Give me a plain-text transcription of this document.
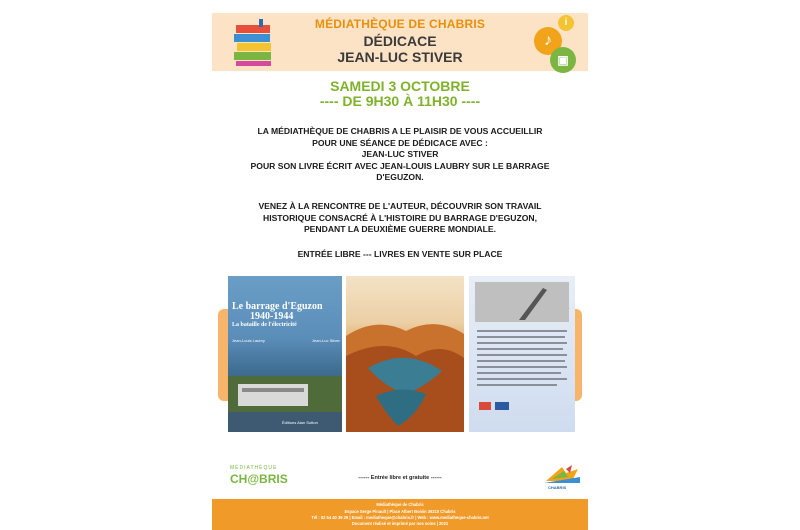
MÉDIATHÈQUE DE CHABRIS
DÉDICACE
JEAN-LUC STIVER
i
♪
▣
SAMEDI 3 OCTOBRE
---- DE 9H30 À 11H30 ----
LA MÉDIATHÈQUE DE CHABRIS A LE PLAISIR DE VOUS ACCUEILLIR
POUR UNE SÉANCE DE DÉDICACE AVEC :
JEAN-LUC STIVER
POUR SON LIVRE ÉCRIT AVEC JEAN-LOUIS LAUBRY SUR LE BARRAGE
D'EGUZON.
VENEZ À LA RENCONTRE DE L'AUTEUR, DÉCOUVRIR SON TRAVAIL
HISTORIQUE CONSACRÉ À L'HISTOIRE DU BARRAGE D'EGUZON,
PENDANT LA DEUXIÈME GUERRE MONDIALE.
ENTRÉE LIBRE --- LIVRES EN VENTE SUR PLACE
Le barrage d'Eguzon
1940-1944
La bataille de l'électricité
Jean-Louis Laubry	Jean-Luc Stiver
Éditions Alan Sutton
MÉDIATHÈQUE
CH@BRIS	------ Entrée libre et gratuite ------
CHABRIS
Médiathèque de Chabris
Espace Serge Pinault | Place Albert Boivin 36210 Chabris
Tél : 02 54 40 39 29 | Email : mediatheque@chabris.fr | Web : www.mediatheque-chabris.net
Document réalisé et imprimé par nos soins | 2021
